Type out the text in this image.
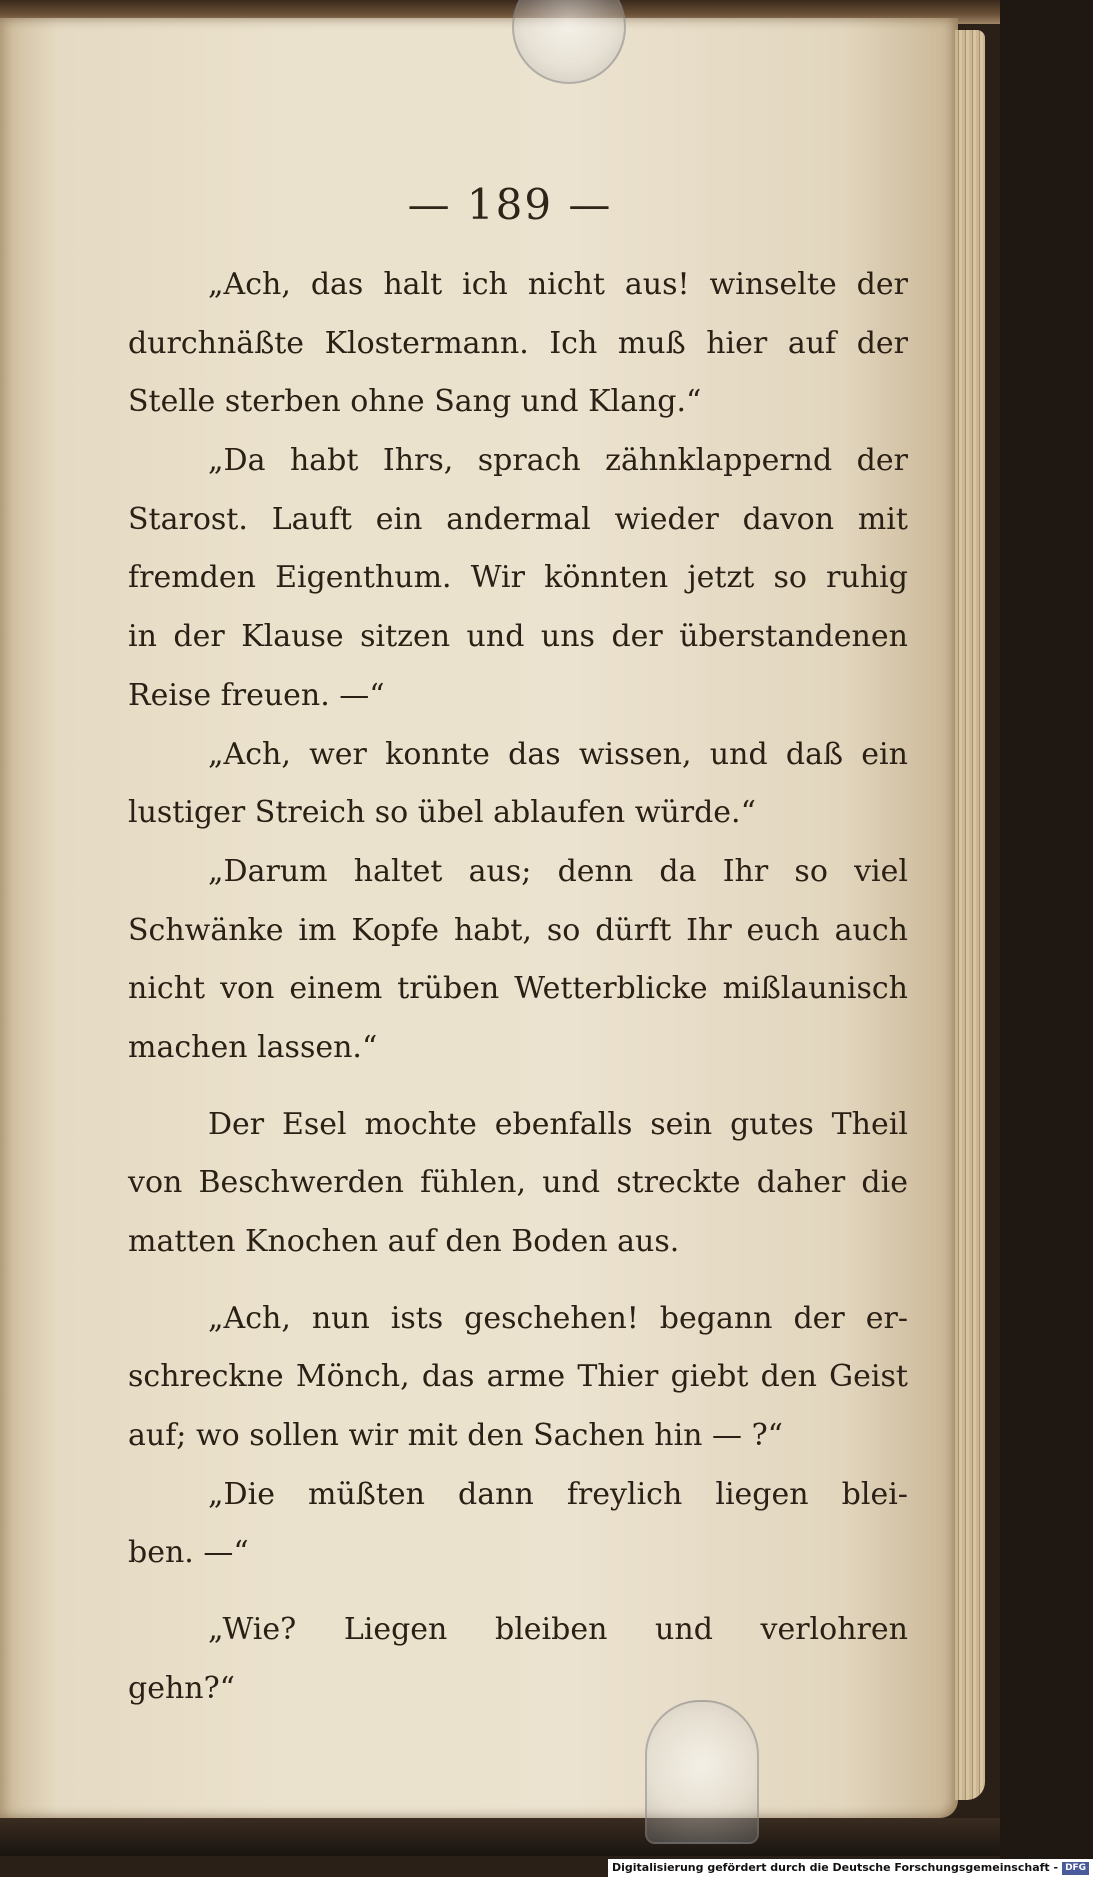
— 189 —
„Ach, das halt ich nicht aus! winselte der
durchnäßte Klostermann. Ich muß hier auf der
Stelle sterben ohne Sang und Klang.“
„Da habt Ihrs, sprach zähnklappernd der
Starost. Lauft ein andermal wieder davon mit
fremden Eigenthum. Wir könnten jetzt so ruhig
in der Klause sitzen und uns der überstandenen
Reise freuen. —“
„Ach, wer konnte das wissen, und daß ein
lustiger Streich so übel ablaufen würde.“
„Darum haltet aus; denn da Ihr so viel
Schwänke im Kopfe habt, so dürft Ihr euch auch
nicht von einem trüben Wetterblicke mißlaunisch
machen lassen.“
Der Esel mochte ebenfalls sein gutes Theil
von Beschwerden fühlen, und streckte daher die
matten Knochen auf den Boden aus.
„Ach, nun ists geschehen! begann der er-
schreckne Mönch, das arme Thier giebt den Geist
auf; wo sollen wir mit den Sachen hin — ?“
„Die müßten dann freylich liegen blei-
ben. —“
„Wie? Liegen bleiben und verlohren
gehn?“
Digitalisierung gefördert durch die Deutsche Forschungsgemeinschaft - DFG
